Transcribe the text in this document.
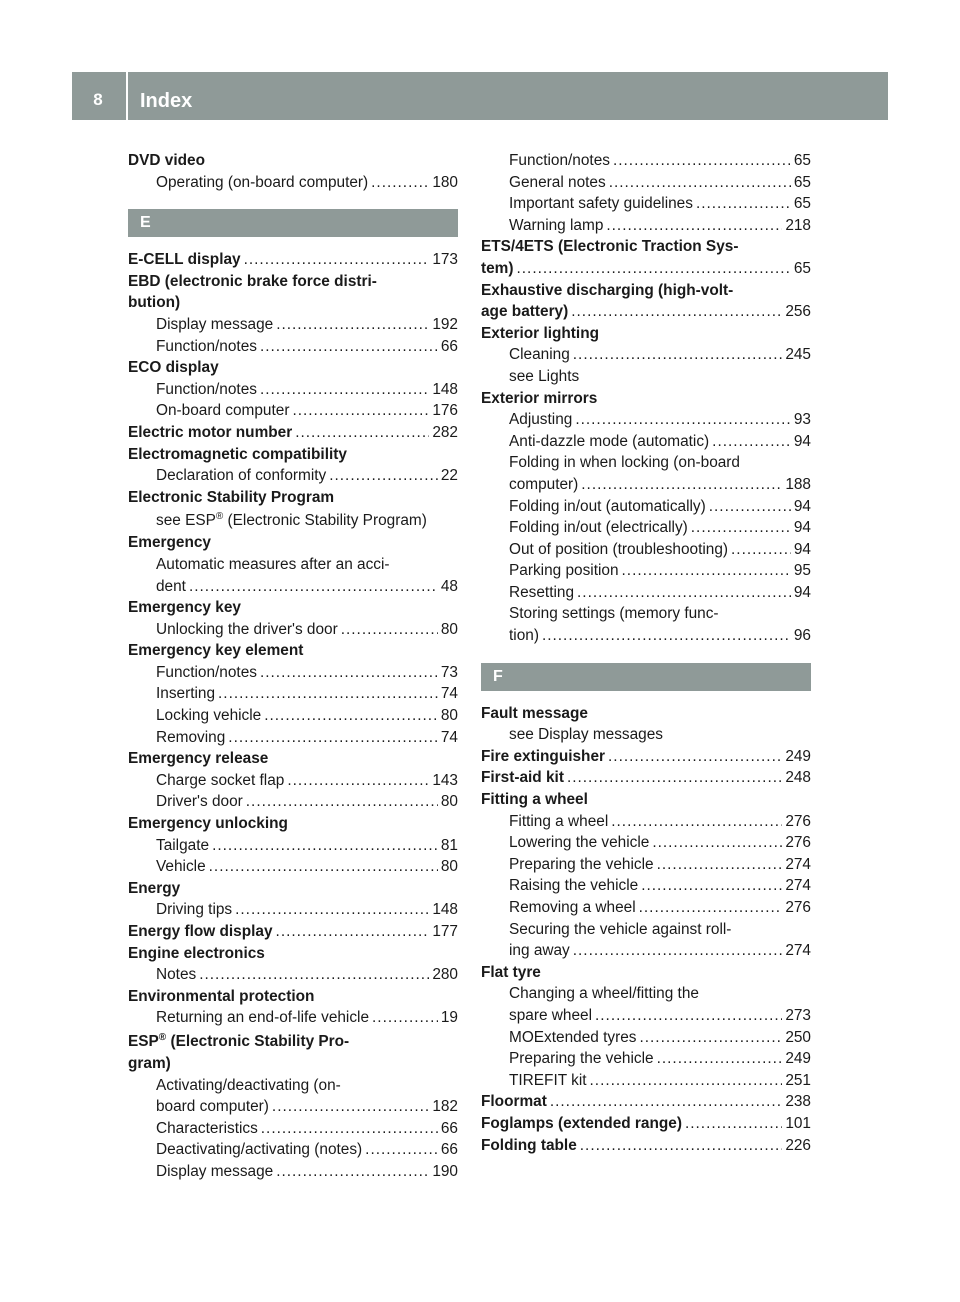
8	Index
DVD video
Operating (on-board computer) .....	180
E
E-CELL display .....	173
EBD (electronic brake force distri-
bution)
Display message .....	192
Function/notes .....	66
ECO display
Function/notes .....	148
On-board computer .....	176
Electric motor number .....	282
Electromagnetic compatibility
Declaration of conformity .....	22
Electronic Stability Program
see ESP® (Electronic Stability Program)
Emergency
Automatic measures after an acci-
dent .....	48
Emergency key
Unlocking the driver's door .....	80
Emergency key element
Function/notes .....	73
Inserting .....	74
Locking vehicle .....	80
Removing .....	74
Emergency release
Charge socket flap .....	143
Driver's door .....	80
Emergency unlocking
Tailgate .....	81
Vehicle .....	80
Energy
Driving tips .....	148
Energy flow display .....	177
Engine electronics
Notes .....	280
Environmental protection
Returning an end-of-life vehicle .....	19
ESP® (Electronic Stability Pro-
gram)
Activating/deactivating (on-
board computer) .....	182
Characteristics .....	66
Deactivating/activating (notes) .....	66
Display message .....	190
Function/notes .....	65
General notes .....	65
Important safety guidelines .....	65
Warning lamp .....	218
ETS/4ETS (Electronic Traction Sys-
tem) .....	65
Exhaustive discharging (high-volt-
age battery) .....	256
Exterior lighting
Cleaning .....	245
see Lights
Exterior mirrors
Adjusting .....	93
Anti-dazzle mode (automatic) .....	94
Folding in when locking (on-board
computer) .....	188
Folding in/out (automatically) .....	94
Folding in/out (electrically) .....	94
Out of position (troubleshooting) .....	94
Parking position .....	95
Resetting .....	94
Storing settings (memory func-
tion) .....	96
F
Fault message
see Display messages
Fire extinguisher .....	249
First-aid kit .....	248
Fitting a wheel
Fitting a wheel .....	276
Lowering the vehicle .....	276
Preparing the vehicle .....	274
Raising the vehicle .....	274
Removing a wheel .....	276
Securing the vehicle against roll-
ing away .....	274
Flat tyre
Changing a wheel/fitting the
spare wheel .....	273
MOExtended tyres .....	250
Preparing the vehicle .....	249
TIREFIT kit .....	251
Floormat .....	238
Foglamps (extended range) .....	101
Folding table .....	226
